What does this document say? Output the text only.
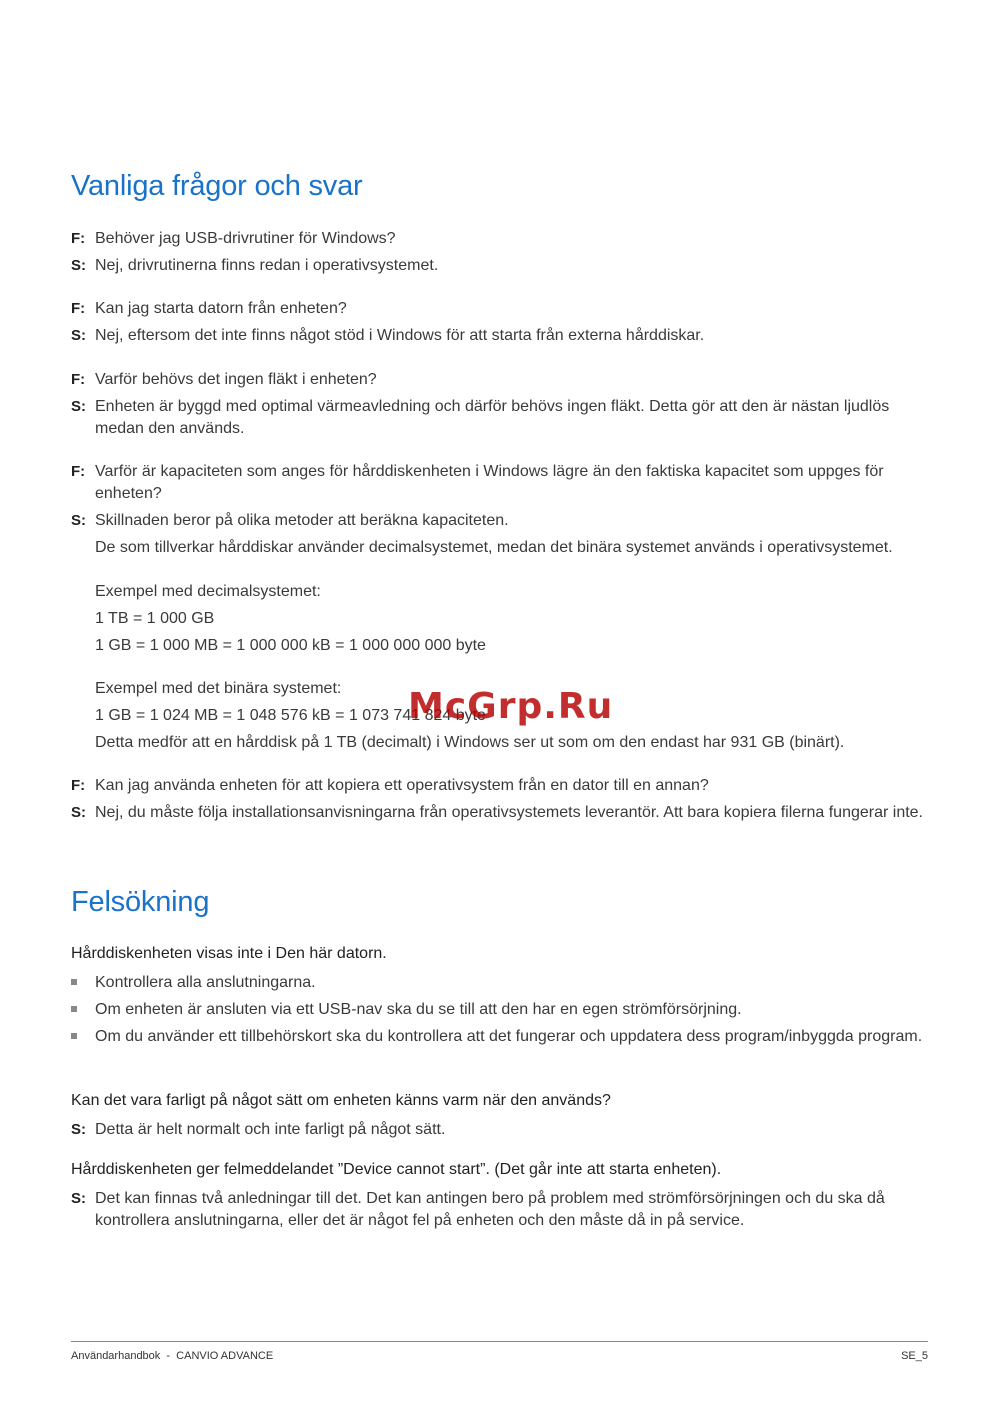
Vanliga frågor och svar
F: Behöver jag USB-drivrutiner för Windows?
S: Nej, drivrutinerna finns redan i operativsystemet.
F: Kan jag starta datorn från enheten?
S: Nej, eftersom det inte finns något stöd i Windows för att starta från externa hårddiskar.
F: Varför behövs det ingen fläkt i enheten?
S: Enheten är byggd med optimal värmeavledning och därför behövs ingen fläkt. Detta gör att den är nästan ljudlös medan den används.
F: Varför är kapaciteten som anges för hårddiskenheten i Windows lägre än den faktiska kapacitet som uppges för enheten?
S: Skillnaden beror på olika metoder att beräkna kapaciteten.
De som tillverkar hårddiskar använder decimalsystemet, medan det binära systemet används i operativsystemet.
Exempel med decimalsystemet:
1 TB = 1 000 GB
1 GB = 1 000 MB = 1 000 000 kB = 1 000 000 000 byte
Exempel med det binära systemet:
1 GB = 1 024 MB = 1 048 576 kB = 1 073 741 824 byte
Detta medför att en hårddisk på 1 TB (decimalt) i Windows ser ut som om den endast har 931 GB (binärt).
F: Kan jag använda enheten för att kopiera ett operativsystem från en dator till en annan?
S: Nej, du måste följa installationsanvisningarna från operativsystemets leverantör. Att bara kopiera filerna fungerar inte.
Felsökning
Hårddiskenheten visas inte i Den här datorn.
Kontrollera alla anslutningarna.
Om enheten är ansluten via ett USB-nav ska du se till att den har en egen strömförsörjning.
Om du använder ett tillbehörskort ska du kontrollera att det fungerar och uppdatera dess program/inbyggda program.
Kan det vara farligt på något sätt om enheten känns varm när den används?
S: Detta är helt normalt och inte farligt på något sätt.
Hårddiskenheten ger felmeddelandet ”Device cannot start”. (Det går inte att starta enheten).
S: Det kan finnas två anledningar till det. Det kan antingen bero på problem med strömförsörjningen och du ska då kontrollera anslutningarna, eller det är något fel på enheten och den måste då in på service.
McGrp.Ru
Användarhandbok  -  CANVIO ADVANCE	SE_5
